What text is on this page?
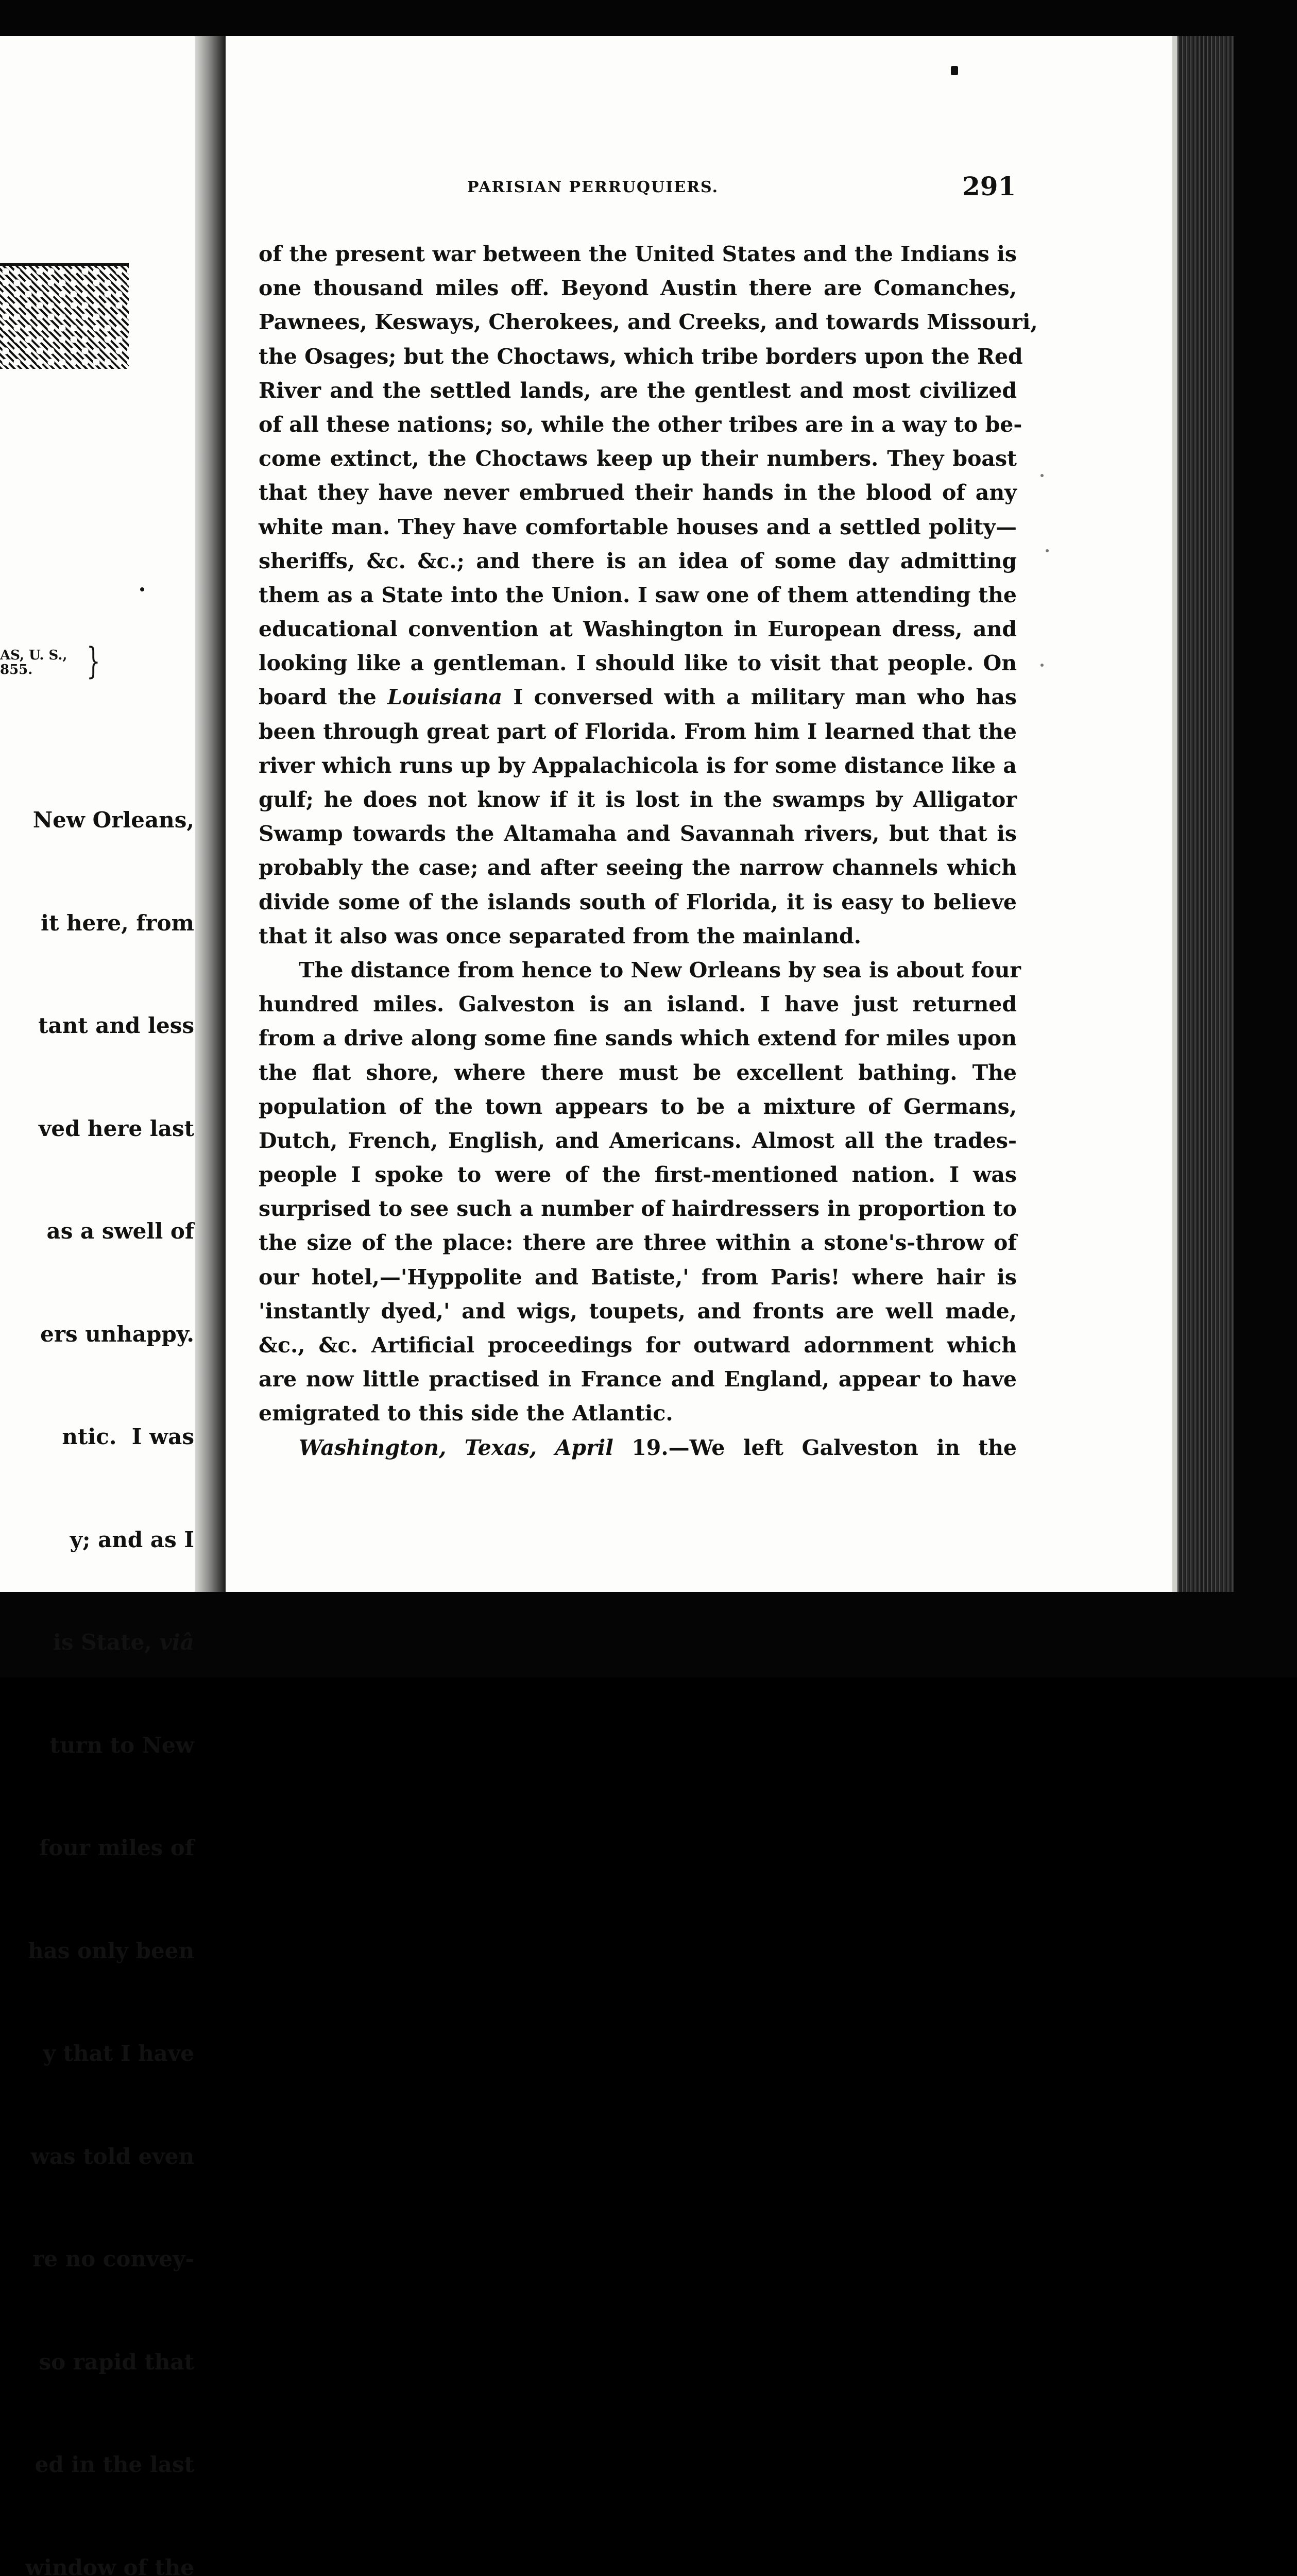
AS, U. S.,
855.	}

New Orleans,

it here, from

tant and less

ved here last

as a swell of

ers unhappy.

ntic.  I was

y; and as I

is State, viâ

turn to New

four miles of

has only been

y that I have

was told even

re no convey-

so rapid that

ed in the last

window of the

PARISIAN PERRUQUIERS.	291
of the present war between the United States and the Indians is
one thousand miles off. Beyond Austin there are Comanches,
Pawnees, Kesways, Cherokees, and Creeks, and towards Missouri,
the Osages; but the Choctaws, which tribe borders upon the Red
River and the settled lands, are the gentlest and most civilized
of all these nations; so, while the other tribes are in a way to be-
come extinct, the Choctaws keep up their numbers. They boast
that they have never embrued their hands in the blood of any
white man. They have comfortable houses and a settled polity—
sheriffs, &c. &c.; and there is an idea of some day admitting
them as a State into the Union. I saw one of them attending the
educational convention at Washington in European dress, and
looking like a gentleman. I should like to visit that people. On
board the Louisiana I conversed with a military man who has
been through great part of Florida. From him I learned that the
river which runs up by Appalachicola is for some distance like a
gulf; he does not know if it is lost in the swamps by Alligator
Swamp towards the Altamaha and Savannah rivers, but that is
probably the case; and after seeing the narrow channels which
divide some of the islands south of Florida, it is easy to believe
that it also was once separated from the mainland.
The distance from hence to New Orleans by sea is about four
hundred miles. Galveston is an island. I have just returned
from a drive along some fine sands which extend for miles upon
the flat shore, where there must be excellent bathing. The
population of the town appears to be a mixture of Germans,
Dutch, French, English, and Americans. Almost all the trades-
people I spoke to were of the first-mentioned nation. I was
surprised to see such a number of hairdressers in proportion to
the size of the place: there are three within a stone's-throw of
our hotel,—'Hyppolite and Batiste,' from Paris! where hair is
'instantly dyed,' and wigs, toupets, and fronts are well made,
&c., &c. Artificial proceedings for outward adornment which
are now little practised in France and England, appear to have
emigrated to this side the Atlantic.
Washington, Texas, April 19.—We left Galveston in the
